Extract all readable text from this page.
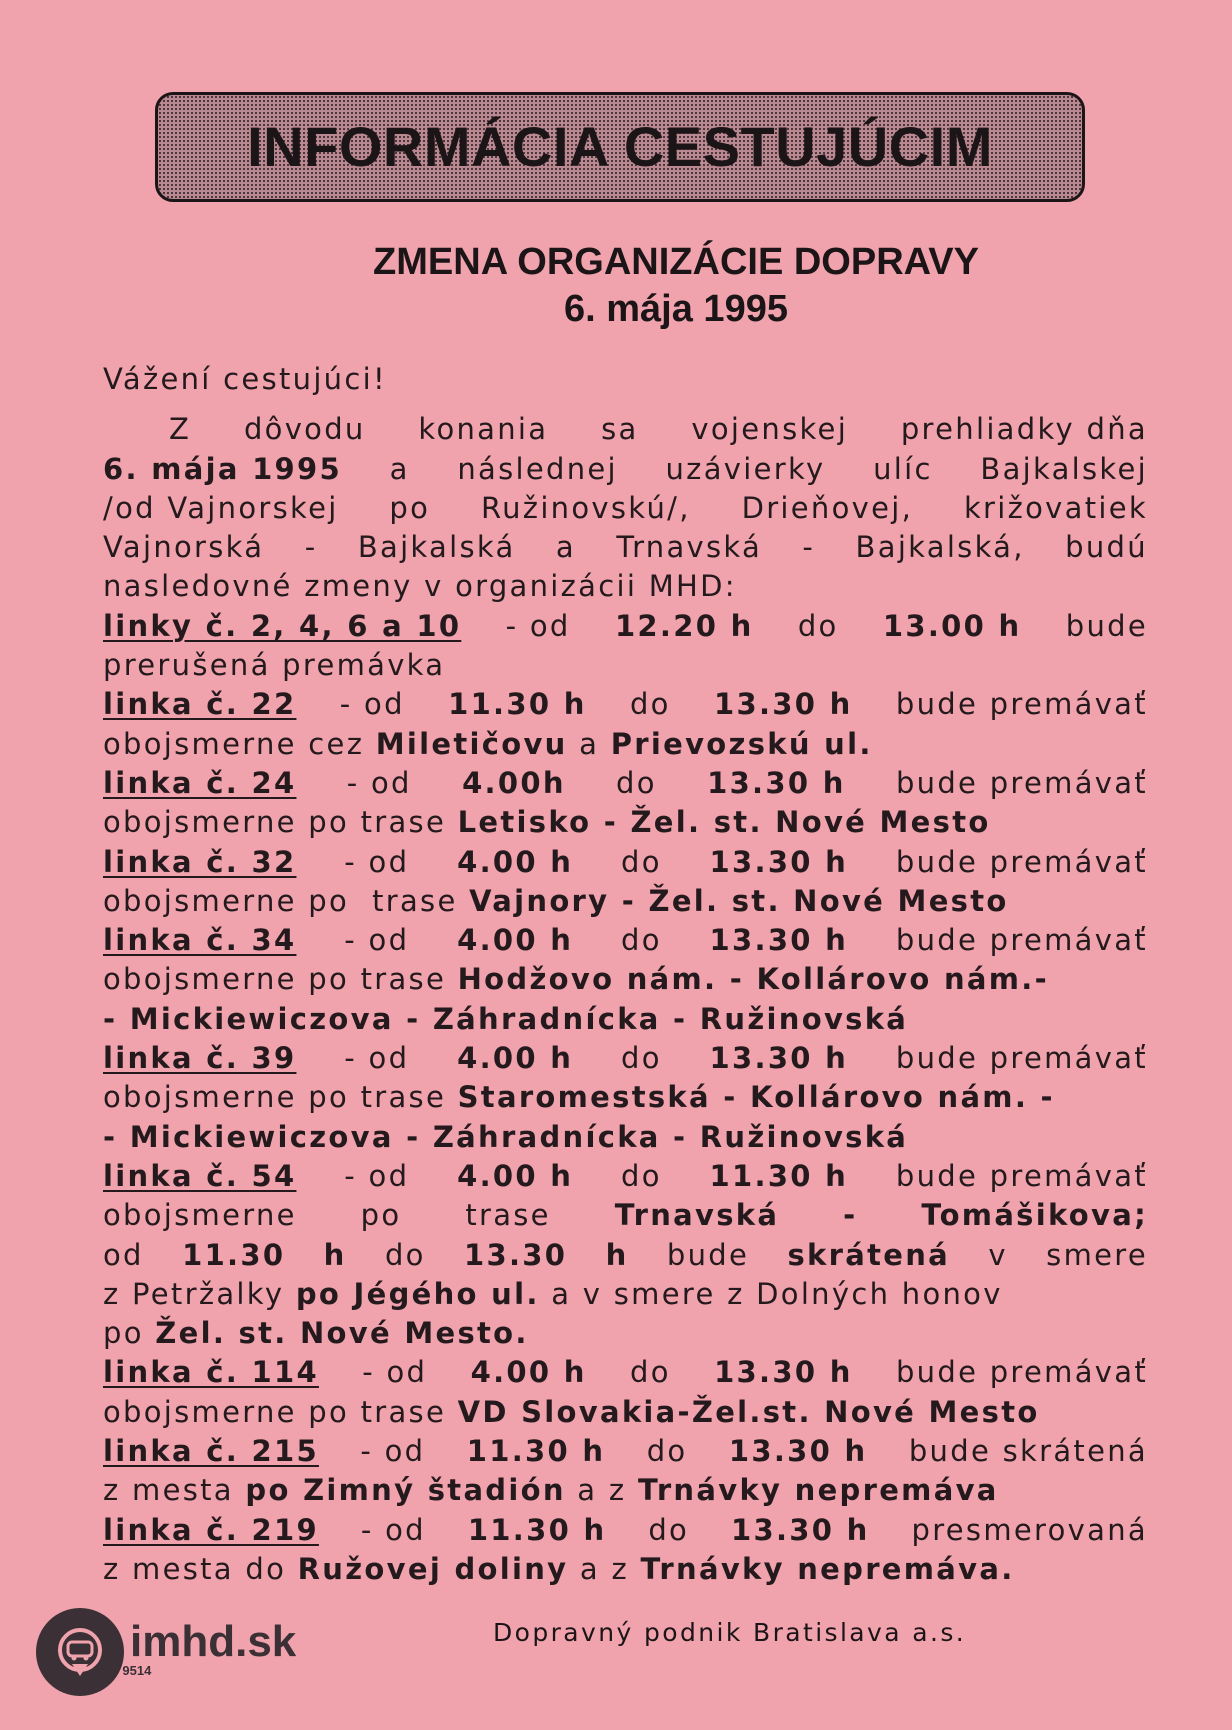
INFORMÁCIA CESTUJÚCIM
ZMENA ORGANIZÁCIE DOPRAVY
6. mája 1995
Vážení cestujúci!
Z dôvodu konania sa vojenskej prehliadky dňa
6. mája 1995 a následnej uzávierky ulíc Bajkalskej
/od Vajnorskej po Ružinovskú/, Drieňovej, križovatiek
Vajnorská - Bajkalská a Trnavská - Bajkalská, budú
nasledovné zmeny v organizácii MHD:
linky č. 2, 4, 6 a 10 - od 12.20 h do 13.00 h bude
prerušená premávka
linka č. 22 - od 11.30 h do 13.30 h bude premávať
obojsmerne cez Miletičovu a Prievozskú ul.
linka č. 24 - od 4.00h do 13.30 h bude premávať
obojsmerne po trase Letisko - Žel. st. Nové Mesto
linka č. 32 - od 4.00 h do 13.30 h bude premávať
obojsmerne po  trase Vajnory - Žel. st. Nové Mesto
linka č. 34 - od 4.00 h do 13.30 h bude premávať
obojsmerne po trase Hodžovo nám. - Kollárovo nám.-
- Mickiewiczova - Záhradnícka - Ružinovská
linka č. 39 - od 4.00 h do 13.30 h bude premávať
obojsmerne po trase Staromestská - Kollárovo nám. -
- Mickiewiczova - Záhradnícka - Ružinovská
linka č. 54 - od 4.00 h do 11.30 h bude premávať
obojsmerne po trase Trnavská - Tomášikova;
od 11.30 h do 13.30 h bude skrátená v smere
z Petržalky po Jégého ul. a v smere z Dolných honov
po Žel. st. Nové Mesto.
linka č. 114 - od 4.00 h do 13.30 h bude premávať
obojsmerne po trase VD Slovakia-Žel.st. Nové Mesto
linka č. 215 - od 11.30 h do 13.30 h bude skrátená
z mesta po Zimný štadión a z Trnávky nepremáva
linka č. 219 - od 11.30 h do 13.30 h presmerovaná
z mesta do Ružovej doliny a z Trnávky nepremáva.
Dopravný podnik Bratislava a.s.
imhd.sk
Info 9514
